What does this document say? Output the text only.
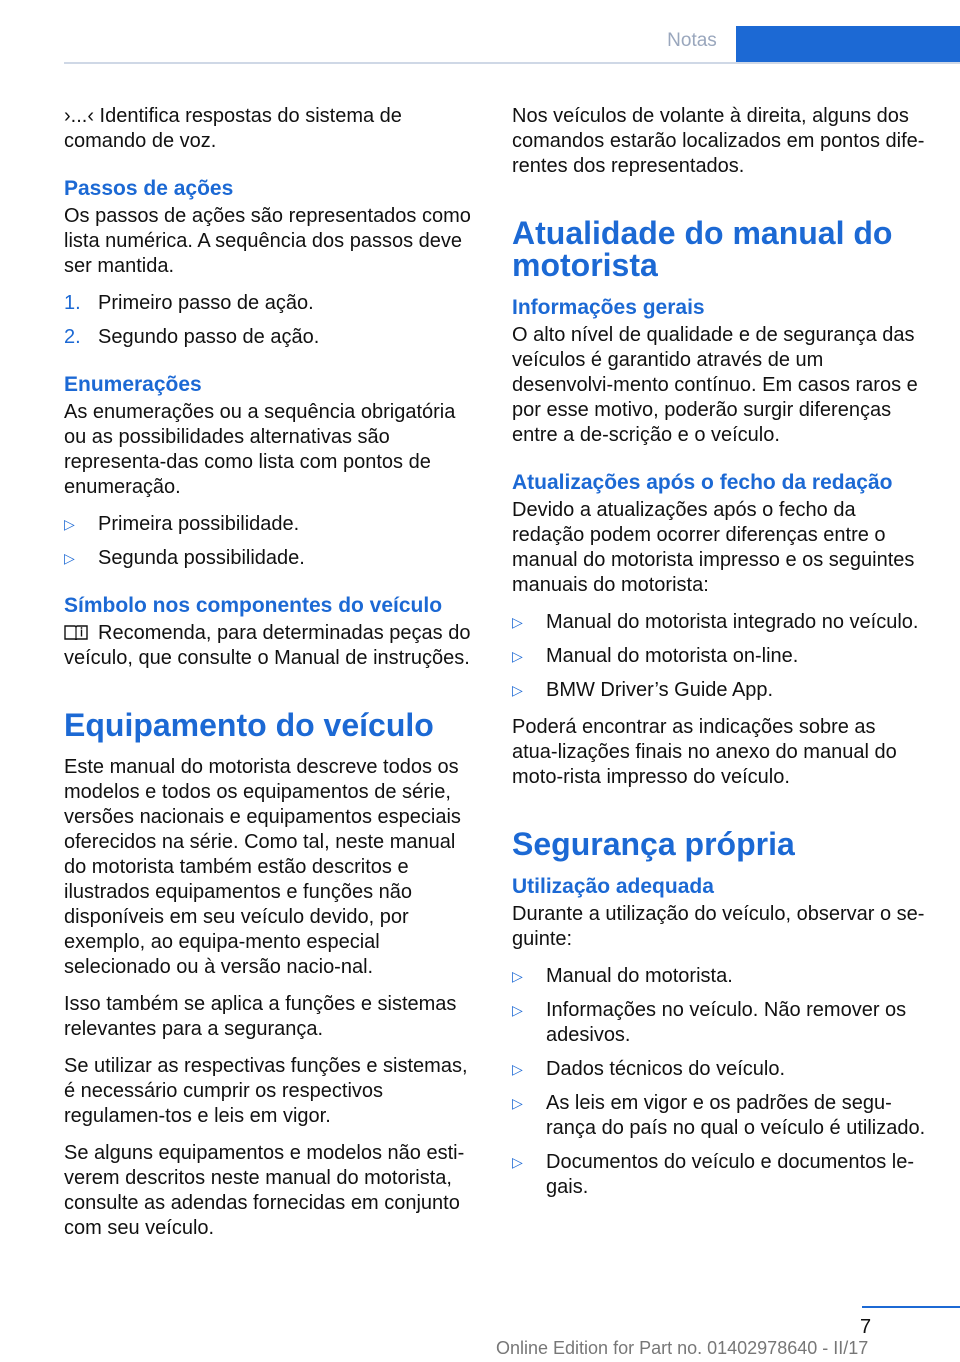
Notas

›...‹ Identifica respostas do sistema de comando de voz.

Passos de ações

Os passos de ações são representados como lista numérica. A sequência dos passos deve ser mantida.

1. Primeiro passo de ação.
2. Segundo passo de ação.
Enumerações

As enumerações ou a sequência obrigatória ou as possibilidades alternativas são representa‐das como lista com pontos de enumeração.

▷ Primeira possibilidade.
▷ Segunda possibilidade.
Símbolo nos componentes do veículo

Recomenda, para determinadas peças do veículo, que consulte o Manual de instruções.

Equipamento do veículo

Este manual do motorista descreve todos os modelos e todos os equipamentos de série, versões nacionais e equipamentos especiais oferecidos na série. Como tal, neste manual do motorista também estão descritos e ilustrados equipamentos e funções não disponíveis em seu veículo devido, por exemplo, ao equipa‐mento especial selecionado ou à versão nacio‐nal.

Isso também se aplica a funções e sistemas relevantes para a segurança.

Se utilizar as respectivas funções e sistemas, é necessário cumprir os respectivos regulamen‐tos e leis em vigor.

Se alguns equipamentos e modelos não esti‐verem descritos neste manual do motorista, consulte as adendas fornecidas em conjunto com seu veículo.

Nos veículos de volante à direita, alguns dos comandos estarão localizados em pontos dife‐rentes dos representados.

Atualidade do manual do motorista
Informações gerais

O alto nível de qualidade e de segurança das veículos é garantido através de um desenvolvi‐mento contínuo. Em casos raros e por esse motivo, poderão surgir diferenças entre a de‐scrição e o veículo.

Atualizações após o fecho da redação

Devido a atualizações após o fecho da redação podem ocorrer diferenças entre o manual do motorista impresso e os seguintes manuais do motorista:

▷ Manual do motorista integrado no veículo.
▷ Manual do motorista on-line.
▷ BMW Driver’s Guide App.

Poderá encontrar as indicações sobre as atua‐lizações finais no anexo do manual do moto‐rista impresso do veículo.

Segurança própria
Utilização adequada

Durante a utilização do veículo, observar o se‐guinte:

▷ Manual do motorista.
▷ Informações no veículo. Não remover os adesivos.
▷ Dados técnicos do veículo.
▷ As leis em vigor e os padrões de segu‐rança do país no qual o veículo é utilizado.
▷ Documentos do veículo e documentos le‐gais.
7
Online Edition for Part no. 01402978640 - II/17
